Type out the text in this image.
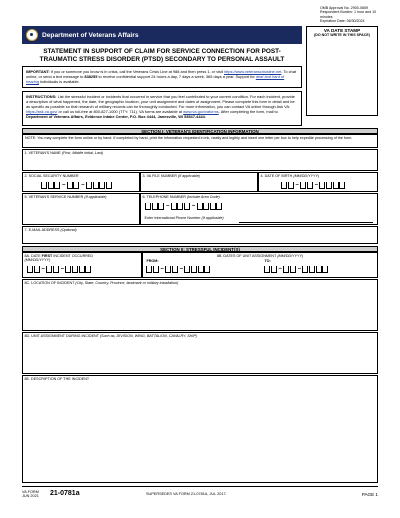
OMB Approval No. 2900-0659
Respondent Burden: 1 hour and 10 minutes
Expiration Date: 06/30/2024
Department of Veterans Affairs
VA DATE STAMP
(DO NOT WRITE IN THIS SPACE)
STATEMENT IN SUPPORT OF CLAIM FOR SERVICE CONNECTION FOR POST-
TRAUMATIC STRESS DISORDER (PTSD) SECONDARY TO PERSONAL ASSAULT
IMPORTANT: If you or someone you know is in crisis, call the Veterans Crisis Line at 988 and then press 1, or visit https://www.veteranscrisisline.net. To chat online, or send a text message to 838255 to receive confidential support 24 hours a day, 7 days a week, 365 days a year. Support for deaf and hard of hearing individuals is available.
INSTRUCTIONS: List the stressful incident or incidents that occurred in service that you feel contributed to your current condition. For each incident, provide a description of what happened, the date, the geographic location, your unit assignment and dates of assignment. Please complete this form in detail and be as specific as possible so that research of military records can be thoroughly conducted. For more information, you can contact VA online through Ask VA: https://ask.va.gov/ or call us toll-free at 800-827-1000 (TTY: 711). VA forms are available at www.va.gov/vaforms. After completing the form, mail to Department of Veterans Affairs, Evidence Intake Center, P.O. Box 4444, Janesville, WI 53547-4444.
SECTION I: VETERAN'S IDENTIFICATION INFORMATION
NOTE: You may complete the form online or by hand. If completed by hand, print the information requested in ink, neatly and legibly and insert one letter per box to help expedite processing of the form.
1. VETERAN'S NAME (First, Middle Initial, Last)
2. SOCIAL SECURITY NUMBER
–	–
3. VA FILE NUMBER (If applicable)	4. DATE OF BIRTH (MM/DD/YYYY)
–	–
5. VETERAN'S SERVICE NUMBER (If applicable)	6. TELEPHONE NUMBER (Include Area Code)
–	–
Enter International Phone Number (If applicable)
7. E-MAIL ADDRESS (Optional)
SECTION II: STRESSFUL INCIDENT(S)
8A. DATE FIRST INCIDENT OCCURRED
(MM/DD/YYYY)
–	–
8B. DATES OF UNIT ASSIGNMENT (MM/DD/YYYY)
FROM:	TO:
–	–	–	–
8C. LOCATION OF INCIDENT (City, State, Country, Province, landmark or military installation)
8D. UNIT ASSIGNMENT DURING INCIDENT (Such as, DIVISION, WING, BATTALION, CAVALRY, SHIP)
8E. DESCRIPTION OF THE INCIDENT
VA FORM
JUN 2021 21-0781a	SUPERSEDES VA FORM 21-0781A, JUL 2017.	PAGE 1
